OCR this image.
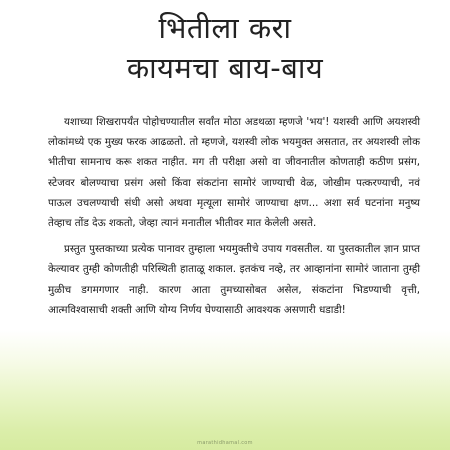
भितीला करा
कायमचा बाय-बाय

यशाच्या शिखरापर्यंत पोहोचण्यातील सर्वांत मोठा अडथळा म्हणजे 'भय'! यशस्वी आणि अयशस्वी लोकांमध्ये एक मुख्य फरक आढळतो. तो म्हणजे, यशस्वी लोक भयमुक्त असतात, तर अयशस्वी लोक भीतीचा सामनाच करू शकत नाहीत. मग ती परीक्षा असो वा जीवनातील कोणताही कठीण प्रसंग, स्टेजवर बोलण्याचा प्रसंग असो किंवा संकटांना सामोरं जाण्याची वेळ, जोखीम पत्करण्याची, नवं पाऊल उचलण्याची संधी असो अथवा मृत्यूला सामोरं जाण्याचा क्षण... अशा सर्व घटनांना मनुष्य तेव्हाच तोंड देऊ शकतो, जेव्हा त्यानं मनातील भीतीवर मात केलेली असते.

प्रस्तुत पुस्तकाच्या प्रत्येक पानावर तुम्हाला भयमुक्तीचे उपाय गवसतील. या पुस्तकातील ज्ञान प्राप्त केल्यावर तुम्ही कोणतीही परिस्थिती हाताळू शकाल. इतकंच नव्हे, तर आव्हानांना सामोरं जाताना तुम्ही मुळीच डगमगणार नाही. कारण आता तुमच्यासोबत असेल, संकटांना भिडण्याची वृत्ती, आत्मविश्वासाची शक्ती आणि योग्य निर्णय घेण्यासाठी आवश्यक असणारी धडाडी!

marathidhamal.com
